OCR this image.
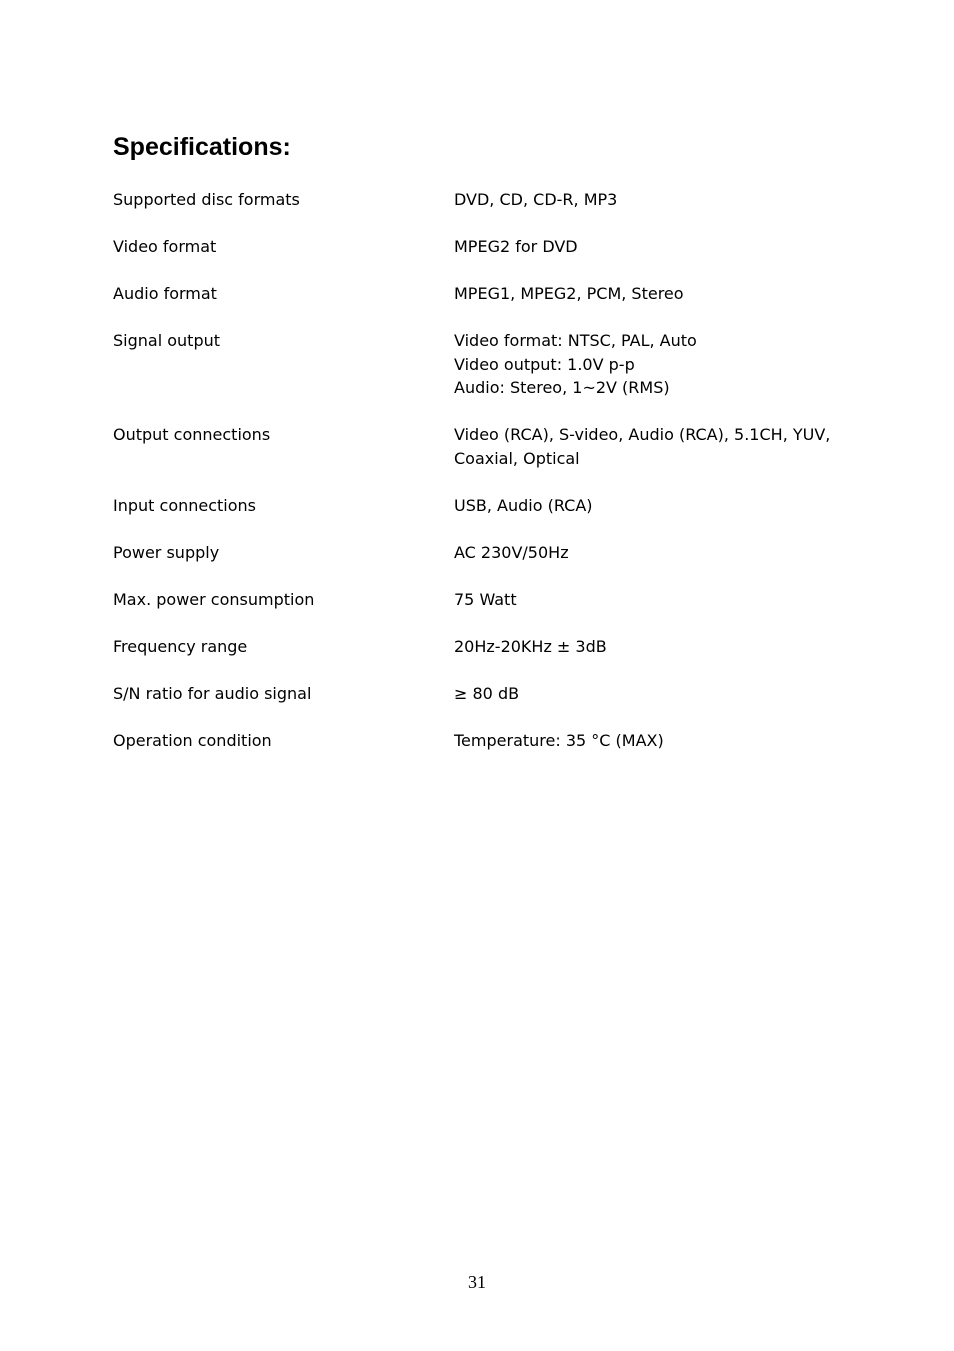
Specifications:
Supported disc formats	DVD, CD, CD-R, MP3

Video format	MPEG2 for DVD

Audio format	MPEG1, MPEG2, PCM, Stereo

Signal output	Video format: NTSC, PAL, Auto
Video output: 1.0V p-p
Audio: Stereo, 1~2V (RMS)

Output connections	Video (RCA), S-video, Audio (RCA), 5.1CH, YUV,
Coaxial, Optical

Input connections	USB, Audio (RCA)

Power supply	AC 230V/50Hz

Max. power consumption	75 Watt

Frequency range	20Hz-20KHz ± 3dB

S/N ratio for audio signal	≥ 80 dB

Operation condition	Temperature: 35 °C (MAX)
31
